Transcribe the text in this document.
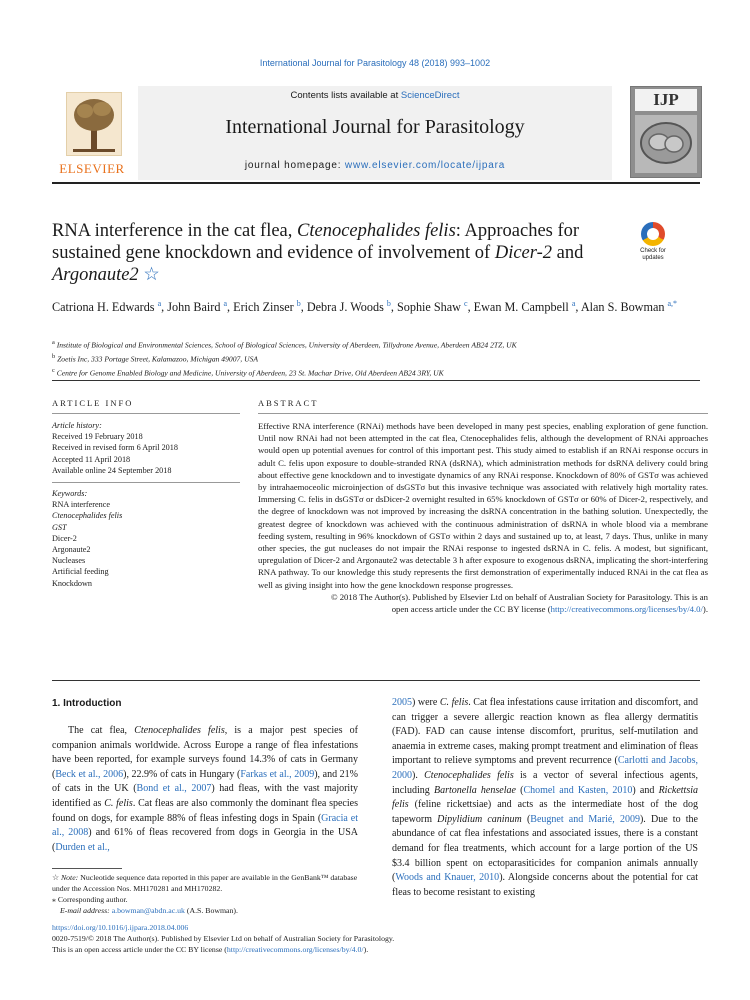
International Journal for Parasitology 48 (2018) 993–1002
ELSEVIER
Contents lists available at ScienceDirect
International Journal for Parasitology
journal homepage: www.elsevier.com/locate/ijpara
IJP
RNA interference in the cat flea, Ctenocephalides felis: Approaches for sustained gene knockdown and evidence of involvement of Dicer-2 and Argonaute2 ☆
Check for
updates
Catriona H. Edwards $^a$, John Baird $^a$, Erich Zinser $^b$, Debra J. Woods $^b$, Sophie Shaw $^c$, Ewan M. Campbell $^a$, Alan S. Bowman $^{a,*}$
$^a$ Institute of Biological and Environmental Sciences, School of Biological Sciences, University of Aberdeen, Tillydrone Avenue, Aberdeen AB24 2TZ, UK
$^b$ Zoetis Inc, 333 Portage Street, Kalamazoo, Michigan 49007, USA
$^c$ Centre for Genome Enabled Biology and Medicine, University of Aberdeen, 23 St. Machar Drive, Old Aberdeen AB24 3RY, UK
ARTICLE INFO	ABSTRACT
Article history:
Received 19 February 2018
Received in revised form 6 April 2018
Accepted 11 April 2018
Available online 24 September 2018
Keywords:
RNA interference
Ctenocephalides felis
GST
Dicer-2
Argonaute2
Nucleases
Artificial feeding
Knockdown
Effective RNA interference (RNAi) methods have been developed in many pest species, enabling exploration of gene function. Until now RNAi had not been attempted in the cat flea, Ctenocephalides felis, although the development of RNAi approaches would open up potential avenues for control of this important pest. This study aimed to establish if an RNAi response occurs in adult C. felis upon exposure to double-stranded RNA (dsRNA), which administration methods for dsRNA delivery could bring about effective gene knockdown and to investigate dynamics of any RNAi response. Knockdown of 80% of GSTσ was achieved by intrahaemoceolic microinjection of dsGSTσ but this invasive technique was associated with relatively high mortality rates. Immersing C. felis in dsGSTσ or dsDicer-2 overnight resulted in 65% knockdown of GSTσ or 60% of Dicer-2, respectively, and the degree of knockdown was not improved by increasing the dsRNA concentration in the bathing solution. Unexpectedly, the greatest degree of knockdown was achieved with the continuous administration of dsRNA in whole blood via a membrane feeding system, resulting in 96% knockdown of GSTσ within 2 days and sustained up to, at least, 7 days. Thus, unlike in many other species, the gut nucleases do not impair the RNAi response to ingested dsRNA in C. felis. A modest, but significant, upregulation of Dicer-2 and Argonaute2 was detectable 3 h after exposure to exogenous dsRNA, implicating the short-interfering RNA pathway. To our knowledge this study represents the first demonstration of experimentally induced RNAi in the cat flea as well as giving insight into how the gene knockdown response progresses.
© 2018 The Author(s). Published by Elsevier Ltd on behalf of Australian Society for Parasitology. This is an
open access article under the CC BY license (http://creativecommons.org/licenses/by/4.0/).
1. Introduction
The cat flea, Ctenocephalides felis, is a major pest species of companion animals worldwide. Across Europe a range of flea infestations have been reported, for example surveys found 14.3% of cats in Germany (Beck et al., 2006), 22.9% of cats in Hungary (Farkas et al., 2009), and 21% of cats in the UK (Bond et al., 2007) had fleas, with the vast majority identified as C. felis. Cat fleas are also commonly the dominant flea species found on dogs, for example 88% of fleas infesting dogs in Spain (Gracia et al., 2008) and 61% of fleas recovered from dogs in Georgia in the USA (Durden et al.,
2005) were C. felis. Cat flea infestations cause irritation and discomfort, and can trigger a severe allergic reaction known as flea allergy dermatitis (FAD). FAD can cause intense discomfort, pruritus, self-mutilation and anaemia in extreme cases, making prompt treatment and elimination of fleas important to relieve symptoms and prevent recurrence (Carlotti and Jacobs, 2000). Ctenocephalides felis is a vector of several infectious agents, including Bartonella henselae (Chomel and Kasten, 2010) and Rickettsia felis (feline rickettsiae) and acts as the intermediate host of the dog tapeworm Dipylidium caninum (Beugnet and Marié, 2009). Due to the abundance of cat flea infestations and associated issues, there is a constant demand for flea treatments, which account for a large portion of the US $3.4 billion spent on ectoparasiticides for companion animals annually (Woods and Knauer, 2010). Alongside concerns about the potential for cat fleas to become resistant to existing
☆ Note: Nucleotide sequence data reported in this paper are available in the GenBank™ database under the Accession Nos. MH170281 and MH170282.
⁎ Corresponding author.
E-mail address: a.bowman@abdn.ac.uk (A.S. Bowman).
https://doi.org/10.1016/j.ijpara.2018.04.006
0020-7519/© 2018 The Author(s). Published by Elsevier Ltd on behalf of Australian Society for Parasitology.
This is an open access article under the CC BY license (http://creativecommons.org/licenses/by/4.0/).
